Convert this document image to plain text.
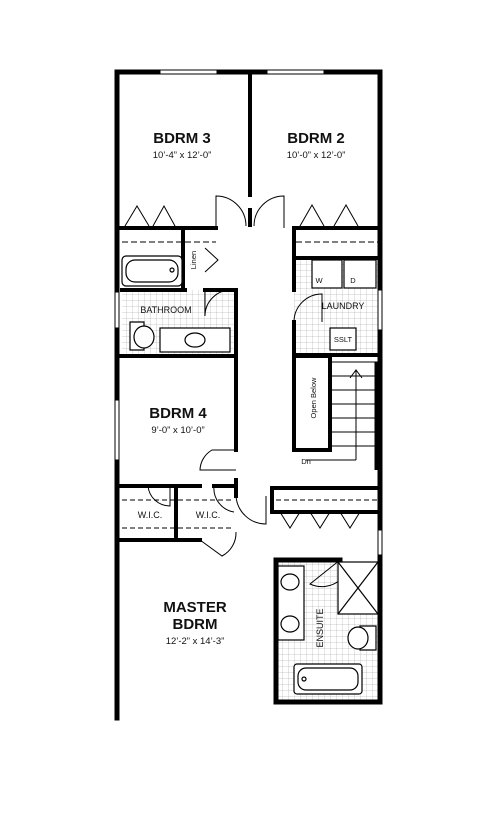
BDRM 3
10’-4” x 12’-0”
BDRM 2
10’-0” x 12’-0”
BDRM 4
9’-0” x 10’-0”
MASTER
BDRM
12’-2” x 14’-3”
BATHROOM	LAUNDRY
Linen
W	D
SSLT
Open Below
Dn
W.I.C.	W.I.C.
ENSUITE
